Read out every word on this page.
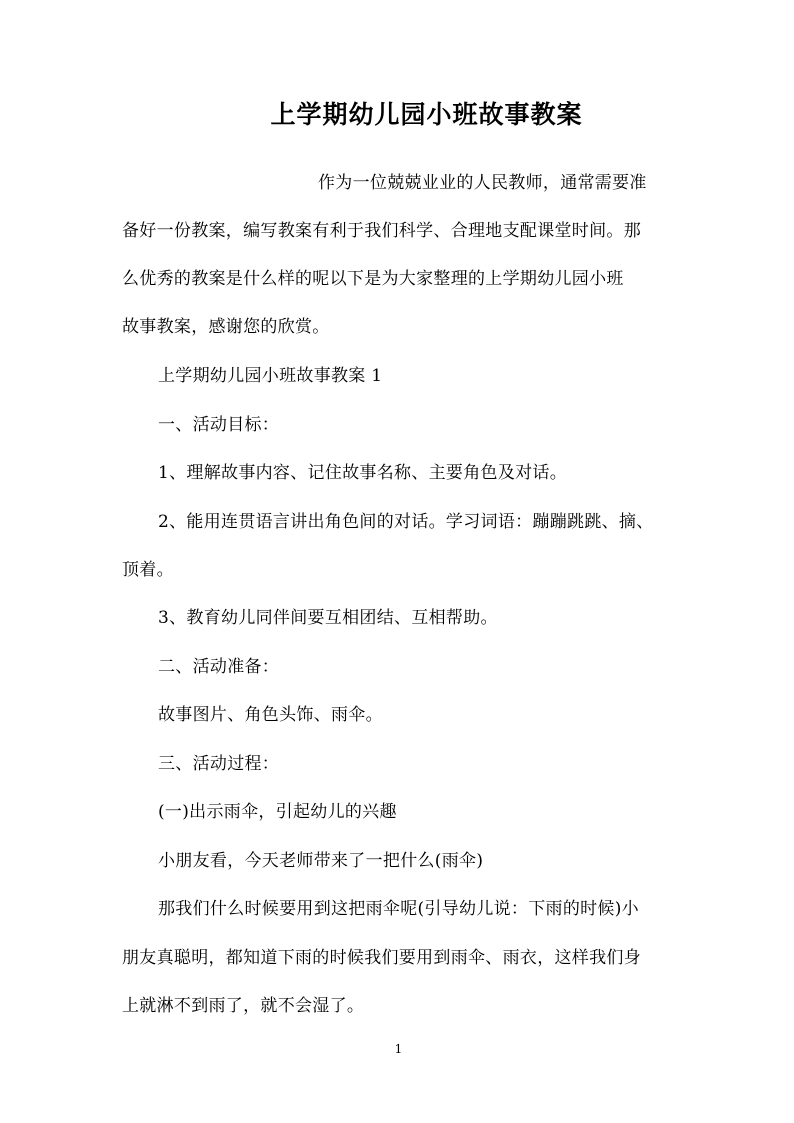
上学期幼儿园小班故事教案
作为一位兢兢业业的人民教师，通常需要准
备好一份教案，编写教案有利于我们科学、合理地支配课堂时间。那
么优秀的教案是什么样的呢以下是为大家整理的上学期幼儿园小班
故事教案，感谢您的欣赏。
上学期幼儿园小班故事教案 1
一、活动目标：
1、理解故事内容、记住故事名称、主要角色及对话。
2、能用连贯语言讲出角色间的对话。学习词语：蹦蹦跳跳、摘、
顶着。
3、教育幼儿同伴间要互相团结、互相帮助。
二、活动准备：
故事图片、角色头饰、雨伞。
三、活动过程：
(一)出示雨伞，引起幼儿的兴趣
小朋友看，今天老师带来了一把什么(雨伞)
那我们什么时候要用到这把雨伞呢(引导幼儿说：下雨的时候)小
朋友真聪明，都知道下雨的时候我们要用到雨伞、雨衣，这样我们身
上就淋不到雨了，就不会湿了。
1
